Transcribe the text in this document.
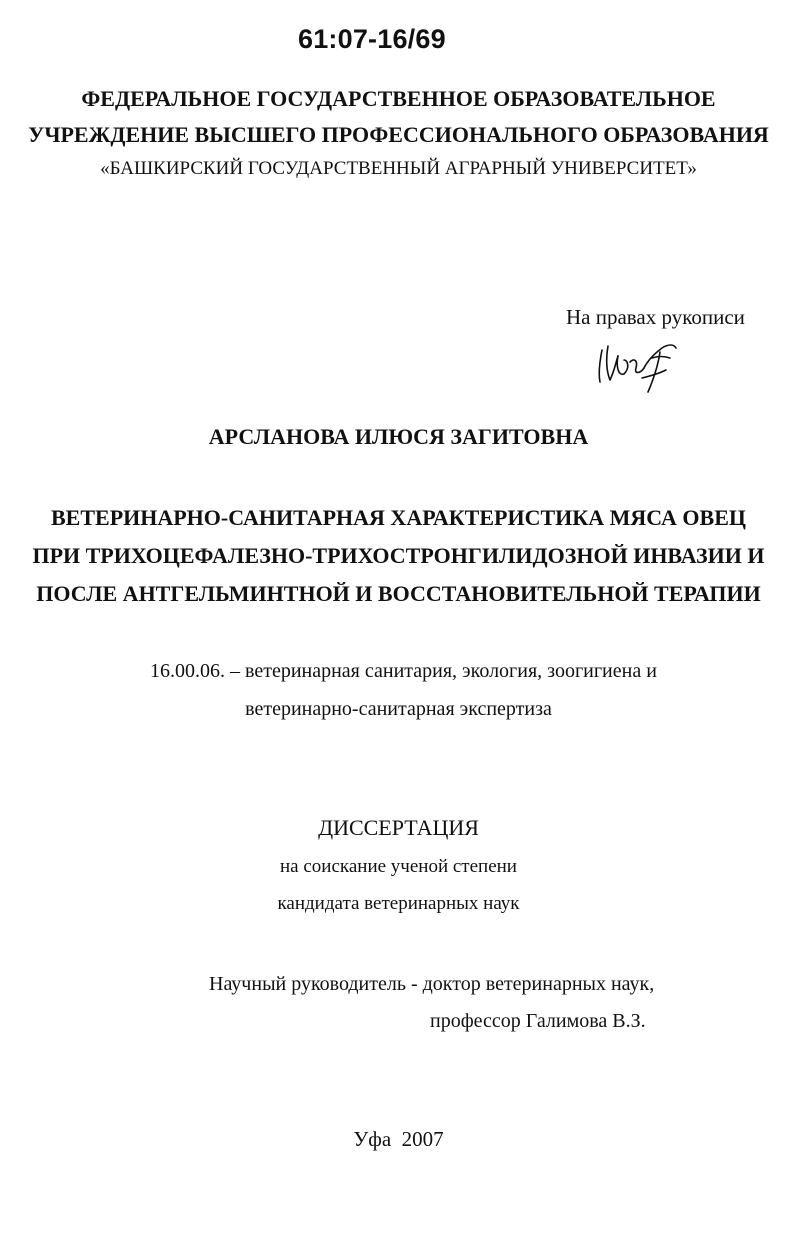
61:07-16/69
ФЕДЕРАЛЬНОЕ ГОСУДАРСТВЕННОЕ ОБРАЗОВАТЕЛЬНОЕ
УЧРЕЖДЕНИЕ ВЫСШЕГО ПРОФЕССИОНАЛЬНОГО ОБРАЗОВАНИЯ
«БАШКИРСКИЙ ГОСУДАРСТВЕННЫЙ АГРАРНЫЙ УНИВЕРСИТЕТ»
На правах рукописи
АРСЛАНОВА ИЛЮСЯ ЗАГИТОВНА
ВЕТЕРИНАРНО-САНИТАРНАЯ ХАРАКТЕРИСТИКА МЯСА ОВЕЦ
ПРИ ТРИХОЦЕФАЛЕЗНО-ТРИХОСТРОНГИЛИДОЗНОЙ ИНВАЗИИ И
ПОСЛЕ АНТГЕЛЬМИНТНОЙ И ВОССТАНОВИТЕЛЬНОЙ ТЕРАПИИ
16.00.06. – ветеринарная санитария, экология, зоогигиена и
ветеринарно-санитарная экспертиза
ДИССЕРТАЦИЯ
на соискание ученой степени
кандидата ветеринарных наук
Научный руководитель - доктор ветеринарных наук,
профессор Галимова В.З.
Уфа  2007
